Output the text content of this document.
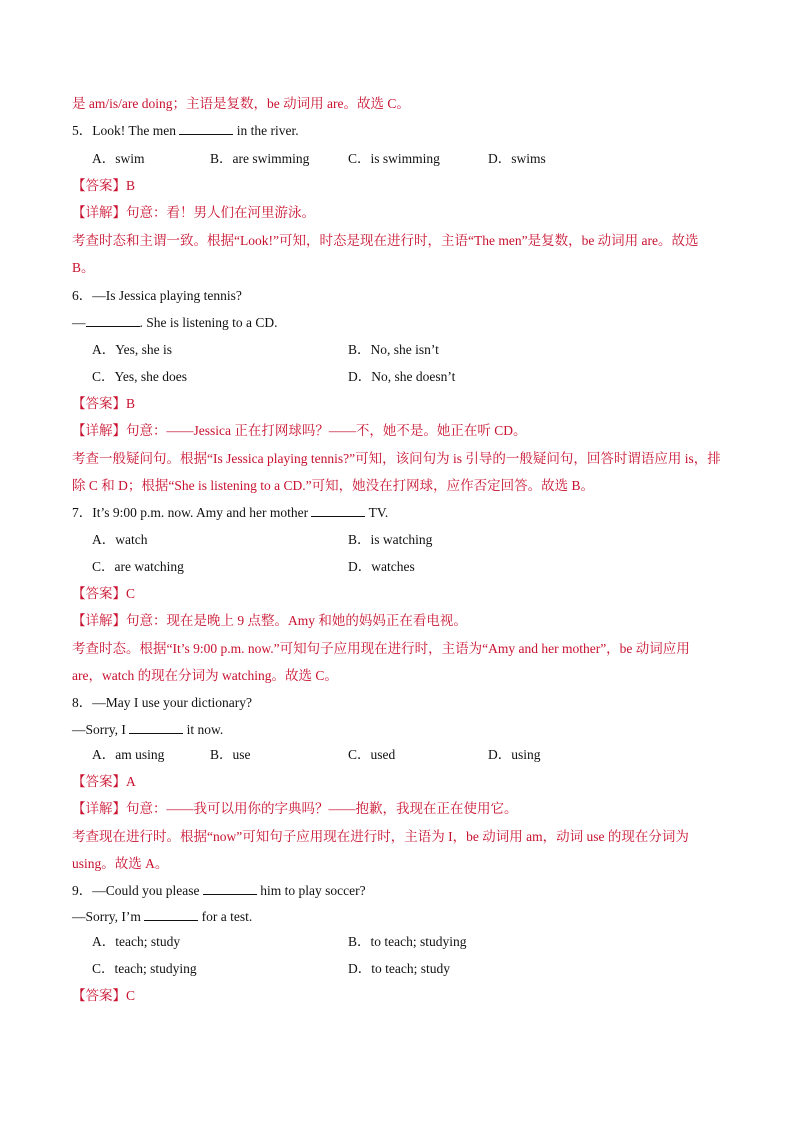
是 am/is/are doing；主语是复数，be 动词用 are。故选 C。
5．Look! The men	in the river.
A．swim	B．are swimming	C．is swimming	D．swims
【答案】B
【详解】句意：看！男人们在河里游泳。
考查时态和主谓一致。根据“Look!”可知，时态是现在进行时，主语“The men”是复数，be 动词用 are。故选 B。
6．—Is Jessica playing tennis?
—	. She is listening to a CD.
A．Yes, she is	B．No, she isn’t
C．Yes, she does	D．No, she doesn’t
【答案】B
【详解】句意：——Jessica 正在打网球吗？——不，她不是。她正在听 CD。
考查一般疑问句。根据“Is Jessica playing tennis?”可知，该问句为 is 引导的一般疑问句，回答时谓语应用 is，排除 C 和 D；根据“She is listening to a CD.”可知，她没在打网球，应作否定回答。故选 B。
7．It’s 9:00 p.m. now. Amy and her mother	TV.
A．watch	B．is watching
C．are watching	D．watches
【答案】C
【详解】句意：现在是晚上 9 点整。Amy 和她的妈妈正在看电视。
考查时态。根据“It’s 9:00 p.m. now.”可知句子应用现在进行时，主语为“Amy and her mother”，be 动词应用 are，watch 的现在分词为 watching。故选 C。
8．—May I use your dictionary?
—Sorry, I	it now.
A．am using	B．use	C．used	D．using
【答案】A
【详解】句意：——我可以用你的字典吗？——抱歉，我现在正在使用它。
考查现在进行时。根据“now”可知句子应用现在进行时，主语为 I，be 动词用 am，动词 use 的现在分词为 using。故选 A。
9．—Could you please	him to play soccer?
—Sorry, I’m	for a test.
A．teach; study	B．to teach; studying
C．teach; studying	D．to teach; study
【答案】C
